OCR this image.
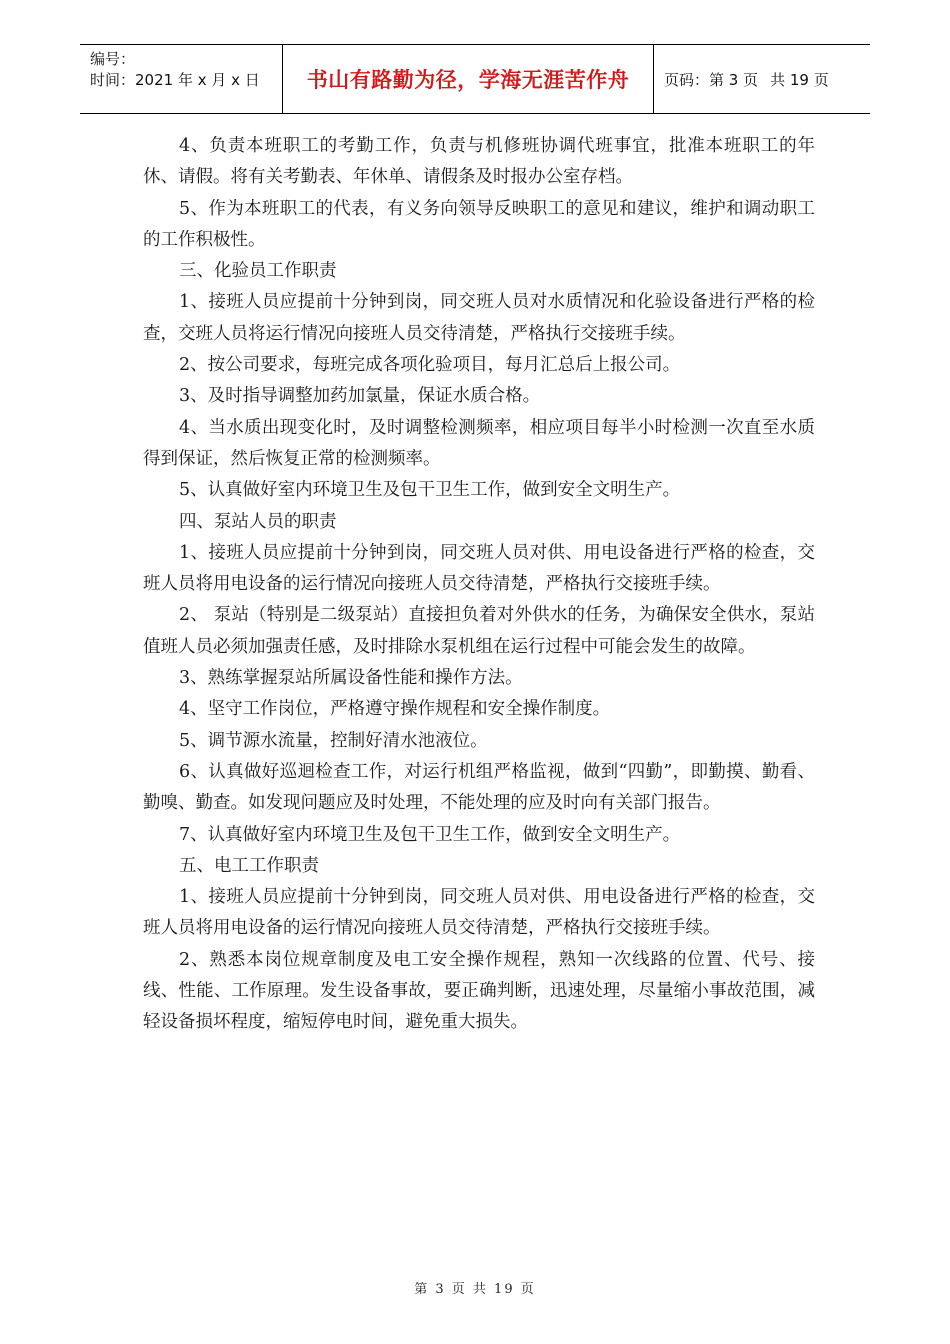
编号：
时间：2021 年 x 月 x 日	书山有路勤为径，学海无涯苦作舟	页码：第 3 页 共 19 页

4、负责本班职工的考勤工作，负责与机修班协调代班事宜，批准本班职工的年休、请假。将有关考勤表、年休单、请假条及时报办公室存档。

5、作为本班职工的代表，有义务向领导反映职工的意见和建议，维护和调动职工的工作积极性。

三、化验员工作职责

1、接班人员应提前十分钟到岗，同交班人员对水质情况和化验设备进行严格的检查，交班人员将运行情况向接班人员交待清楚，严格执行交接班手续。

2、按公司要求，每班完成各项化验项目，每月汇总后上报公司。

3、及时指导调整加药加氯量，保证水质合格。

4、当水质出现变化时，及时调整检测频率，相应项目每半小时检测一次直至水质得到保证，然后恢复正常的检测频率。

5、认真做好室内环境卫生及包干卫生工作，做到安全文明生产。

四、泵站人员的职责

1、接班人员应提前十分钟到岗，同交班人员对供、用电设备进行严格的检查，交班人员将用电设备的运行情况向接班人员交待清楚，严格执行交接班手续。

2、 泵站（特别是二级泵站）直接担负着对外供水的任务，为确保安全供水，泵站值班人员必须加强责任感，及时排除水泵机组在运行过程中可能会发生的故障。

3、熟练掌握泵站所属设备性能和操作方法。

4、坚守工作岗位，严格遵守操作规程和安全操作制度。

5、调节源水流量，控制好清水池液位。

6、认真做好巡迴检查工作，对运行机组严格监视，做到“四勤”，即勤摸、勤看、勤嗅、勤查。如发现问题应及时处理，不能处理的应及时向有关部门报告。

7、认真做好室内环境卫生及包干卫生工作，做到安全文明生产。

五、电工工作职责

1、接班人员应提前十分钟到岗，同交班人员对供、用电设备进行严格的检查，交班人员将用电设备的运行情况向接班人员交待清楚，严格执行交接班手续。

2、熟悉本岗位规章制度及电工安全操作规程，熟知一次线路的位置、代号、接线、性能、工作原理。发生设备事故，要正确判断，迅速处理，尽量缩小事故范围，减轻设备损坏程度，缩短停电时间，避免重大损失。

第 3 页 共 19 页
